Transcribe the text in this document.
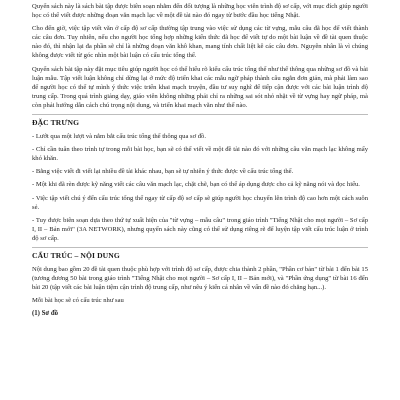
Quyển sách này là sách bài tập được biên soạn nhằm đến đối tượng là những học viên trình độ sơ cấp, với mục đích giúp người học có thể viết được những đoạn văn mạch lạc về một đề tài nào đó ngay từ bước đầu học tiếng Nhật.

Cho đến giờ, việc tập viết văn ở cấp độ sơ cấp thường tập trung vào việc sử dụng các từ vựng, mẫu câu đã học để viết thành các câu đơn. Tuy nhiên, nếu cho người học tổng hợp những kiến thức đã học để viết tự do một bài luận về đề tài quen thuộc nào đó, thì nhận lại đa phần sẽ chỉ là những đoạn văn khô khan, mang tính chất liệt kê các câu đơn. Nguyên nhân là vì chúng không được viết từ góc nhìn một bài luận có cấu trúc tổng thể.

Quyển sách bài tập này đặt mục tiêu giúp người học có thể hiểu rõ kiểu cấu trúc tổng thể như thế thông qua những sơ đồ và bài luận mẫu. Tập viết luận không chỉ dừng lại ở mức độ triển khai các mẫu ngữ pháp thành câu ngắn đơn giản, mà phải làm sao để người học có thể tự mình ý thức việc triển khai mạch truyện, đầu tư suy nghĩ để tiếp cận được với các bài luận trình độ trung cấp. Trong quá trình giảng dạy, giáo viên không những phải chỉ ra những sai sót nhỏ nhặt về từ vựng hay ngữ pháp, mà còn phải hướng dẫn cách chú trọng nội dung, và triển khai mạch văn như thế nào.

ĐẶC TRƯNG

- Lướt qua một lượt và nắm bắt cấu trúc tổng thể thông qua sơ đồ.

- Chỉ cần tuân theo trình tự trong mỗi bài học, bạn sẽ có thể viết về một đề tài nào đó với những câu văn mạch lạc không mấy khó khăn.

- Bằng việc viết đi viết lại nhiều đề tài khác nhau, bạn sẽ tự nhiên ý thức được về cấu trúc tổng thể.

- Một khi đã rèn được kỹ năng viết các câu văn mạch lạc, chặt chẽ, bạn có thể áp dụng được cho cả kỹ năng nói và đọc hiểu.

- Việc tập viết chú ý đến cấu trúc tổng thể ngay từ cấp độ sơ cấp sẽ giúp người học chuyển lên trình độ cao hơn một cách suôn sẻ.

- Tuy được biên soạn dựa theo thứ tự xuất hiện của "từ vựng – mẫu câu" trong giáo trình "Tiếng Nhật cho mọi người – Sơ cấp I, II – Bản mới" (3A NETWORK), nhưng quyển sách này cũng có thể sử dụng riêng rẽ để luyện tập viết cấu trúc luận ở trình độ sơ cấp.

CẤU TRÚC – NỘI DUNG

Nội dung bao gồm 20 đề tài quen thuộc phù hợp với trình độ sơ cấp, được chia thành 2 phần, "Phần cơ bản" từ bài 1 đến bài 15 (tương đương 50 bài trong giáo trình "Tiếng Nhật cho mọi người – Sơ cấp I, II – Bản mới), và "Phần ứng dụng" từ bài 16 đến bài 20 (tập viết các bài luận tiệm cận trình độ trung cấp, như nêu ý kiến cá nhân về vấn đề nào đó chẳng hạn...).

Mỗi bài học sẽ có cấu trúc như sau

(1) Sơ đồ
